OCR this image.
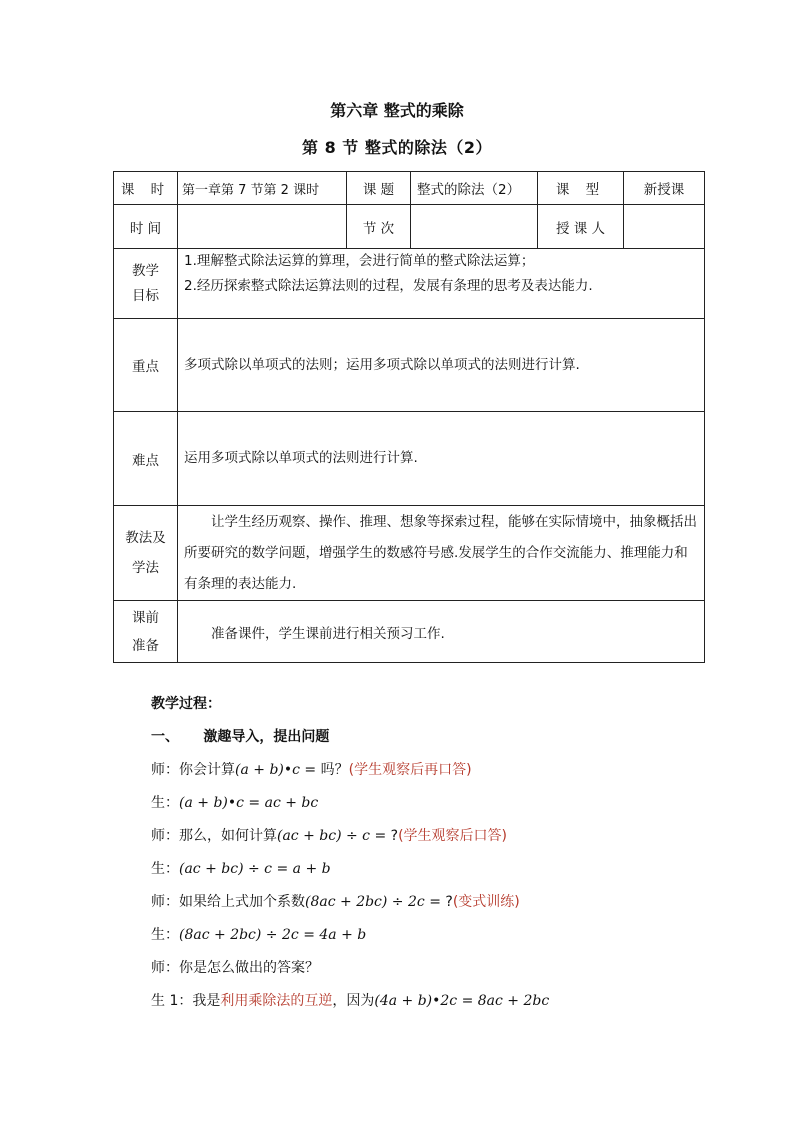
第六章 整式的乘除
第 8 节 整式的除法（2）
课 时	第一章第 7 节第 2 课时	课 题	整式的除法（2）	课 型	新授课
时 间		节 次		授 课 人	
教学目标	1.理解整式除法运算的算理，会进行简单的整式除法运算；
2.经历探索整式除法运算法则的过程，发展有条理的思考及表达能力.				

重点	多项式除以单项式的法则；运用多项式除以单项式的法则进行计算.				
难点	运用多项式除以单项式的法则进行计算.				
教法及学法	让学生经历观察、操作、推理、想象等探索过程，能够在实际情境中，抽象概括出所要研究的数学问题，增强学生的数感符号感.发展学生的合作交流能力、推理能力和有条理的表达能力.				
课前准备	准备课件，学生课前进行相关预习工作.				
教学过程：
一、     激趣导入，提出问题
师：你会计算(a + b)•c = 吗？(学生观察后再口答)
生：(a + b)•c = ac + bc
师：那么，如何计算(ac + bc) ÷ c = ?(学生观察后口答)
生：(ac + bc) ÷ c = a + b
师：如果给上式加个系数(8ac + 2bc) ÷ 2c = ?(变式训练)
生：(8ac + 2bc) ÷ 2c = 4a + b
师：你是怎么做出的答案？
生 1：我是利用乘除法的互逆，因为(4a + b)•2c = 8ac + 2bc
